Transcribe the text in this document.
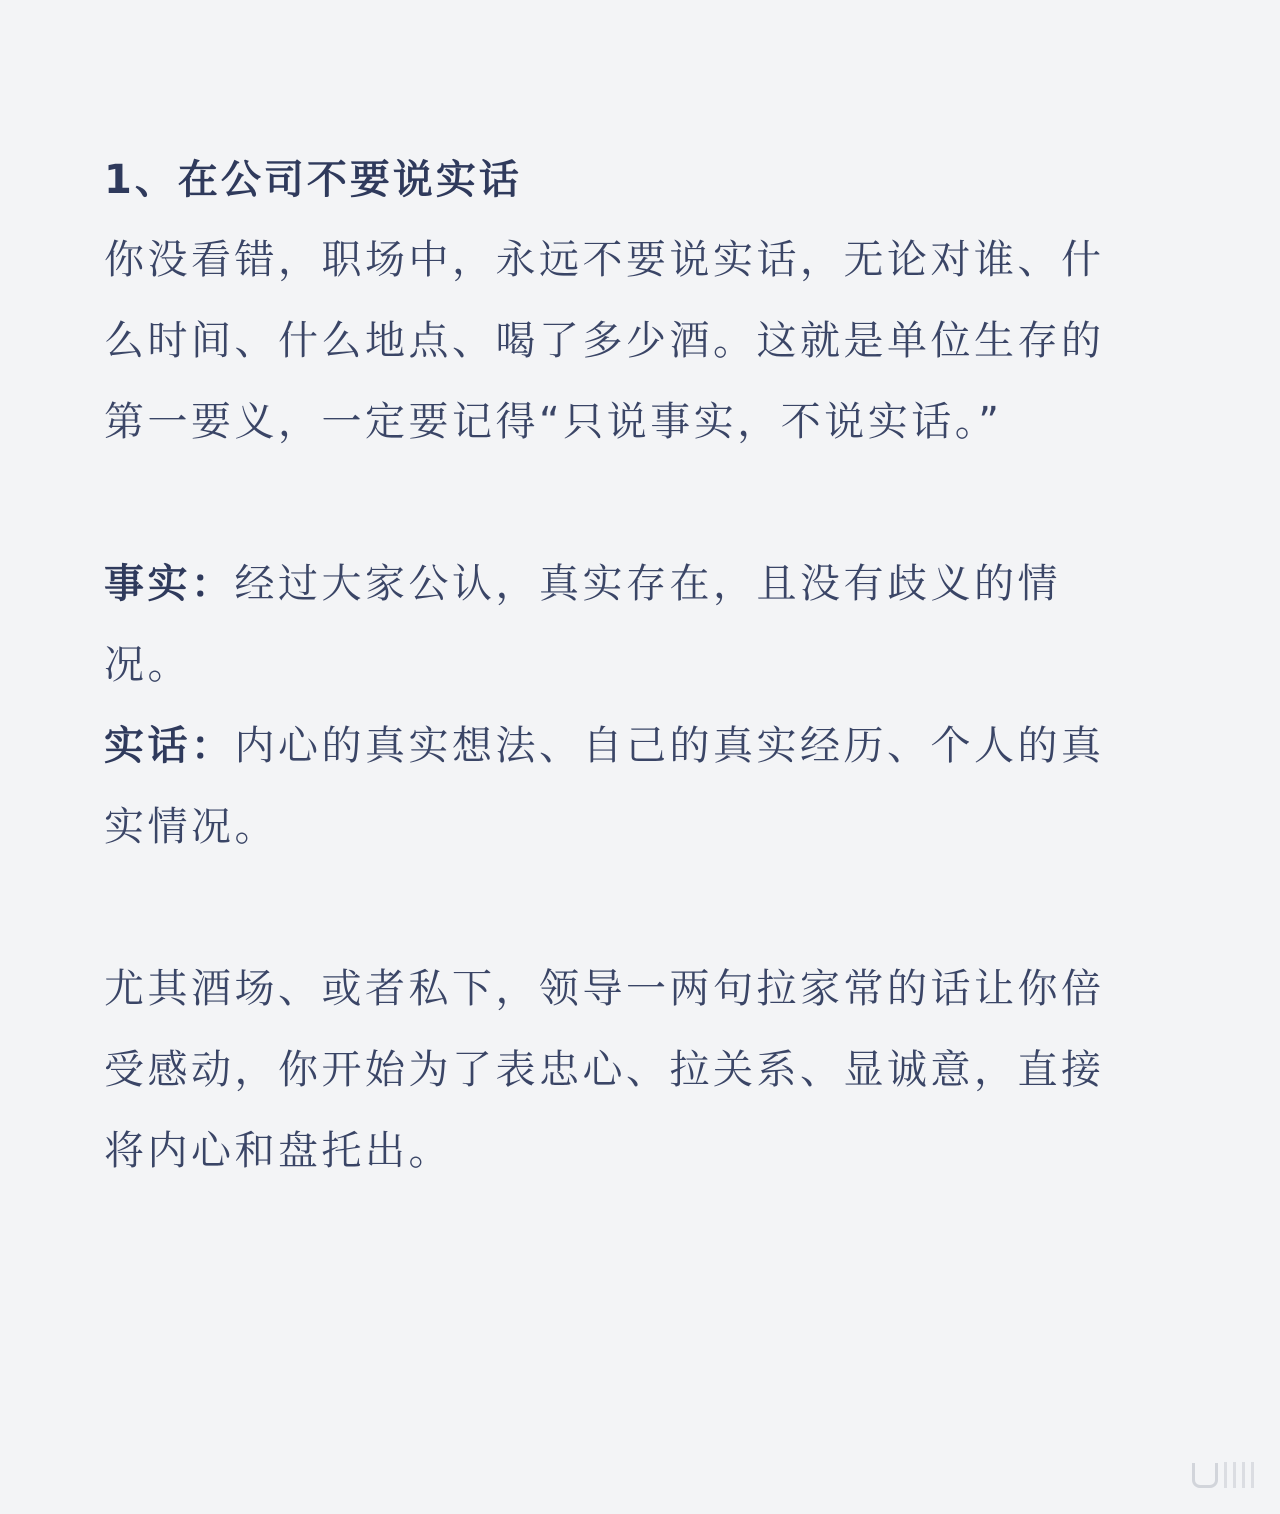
1、在公司不要说实话

你没看错，职场中，永远不要说实话，无论对谁、什么时间、什么地点、喝了多少酒。这就是单位生存的第一要义，一定要记得“只说事实，不说实话。”

事实：经过大家公认，真实存在，且没有歧义的情况。

实话：内心的真实想法、自己的真实经历、个人的真实情况。

尤其酒场、或者私下，领导一两句拉家常的话让你倍受感动，你开始为了表忠心、拉关系、显诚意，直接将内心和盘托出。
